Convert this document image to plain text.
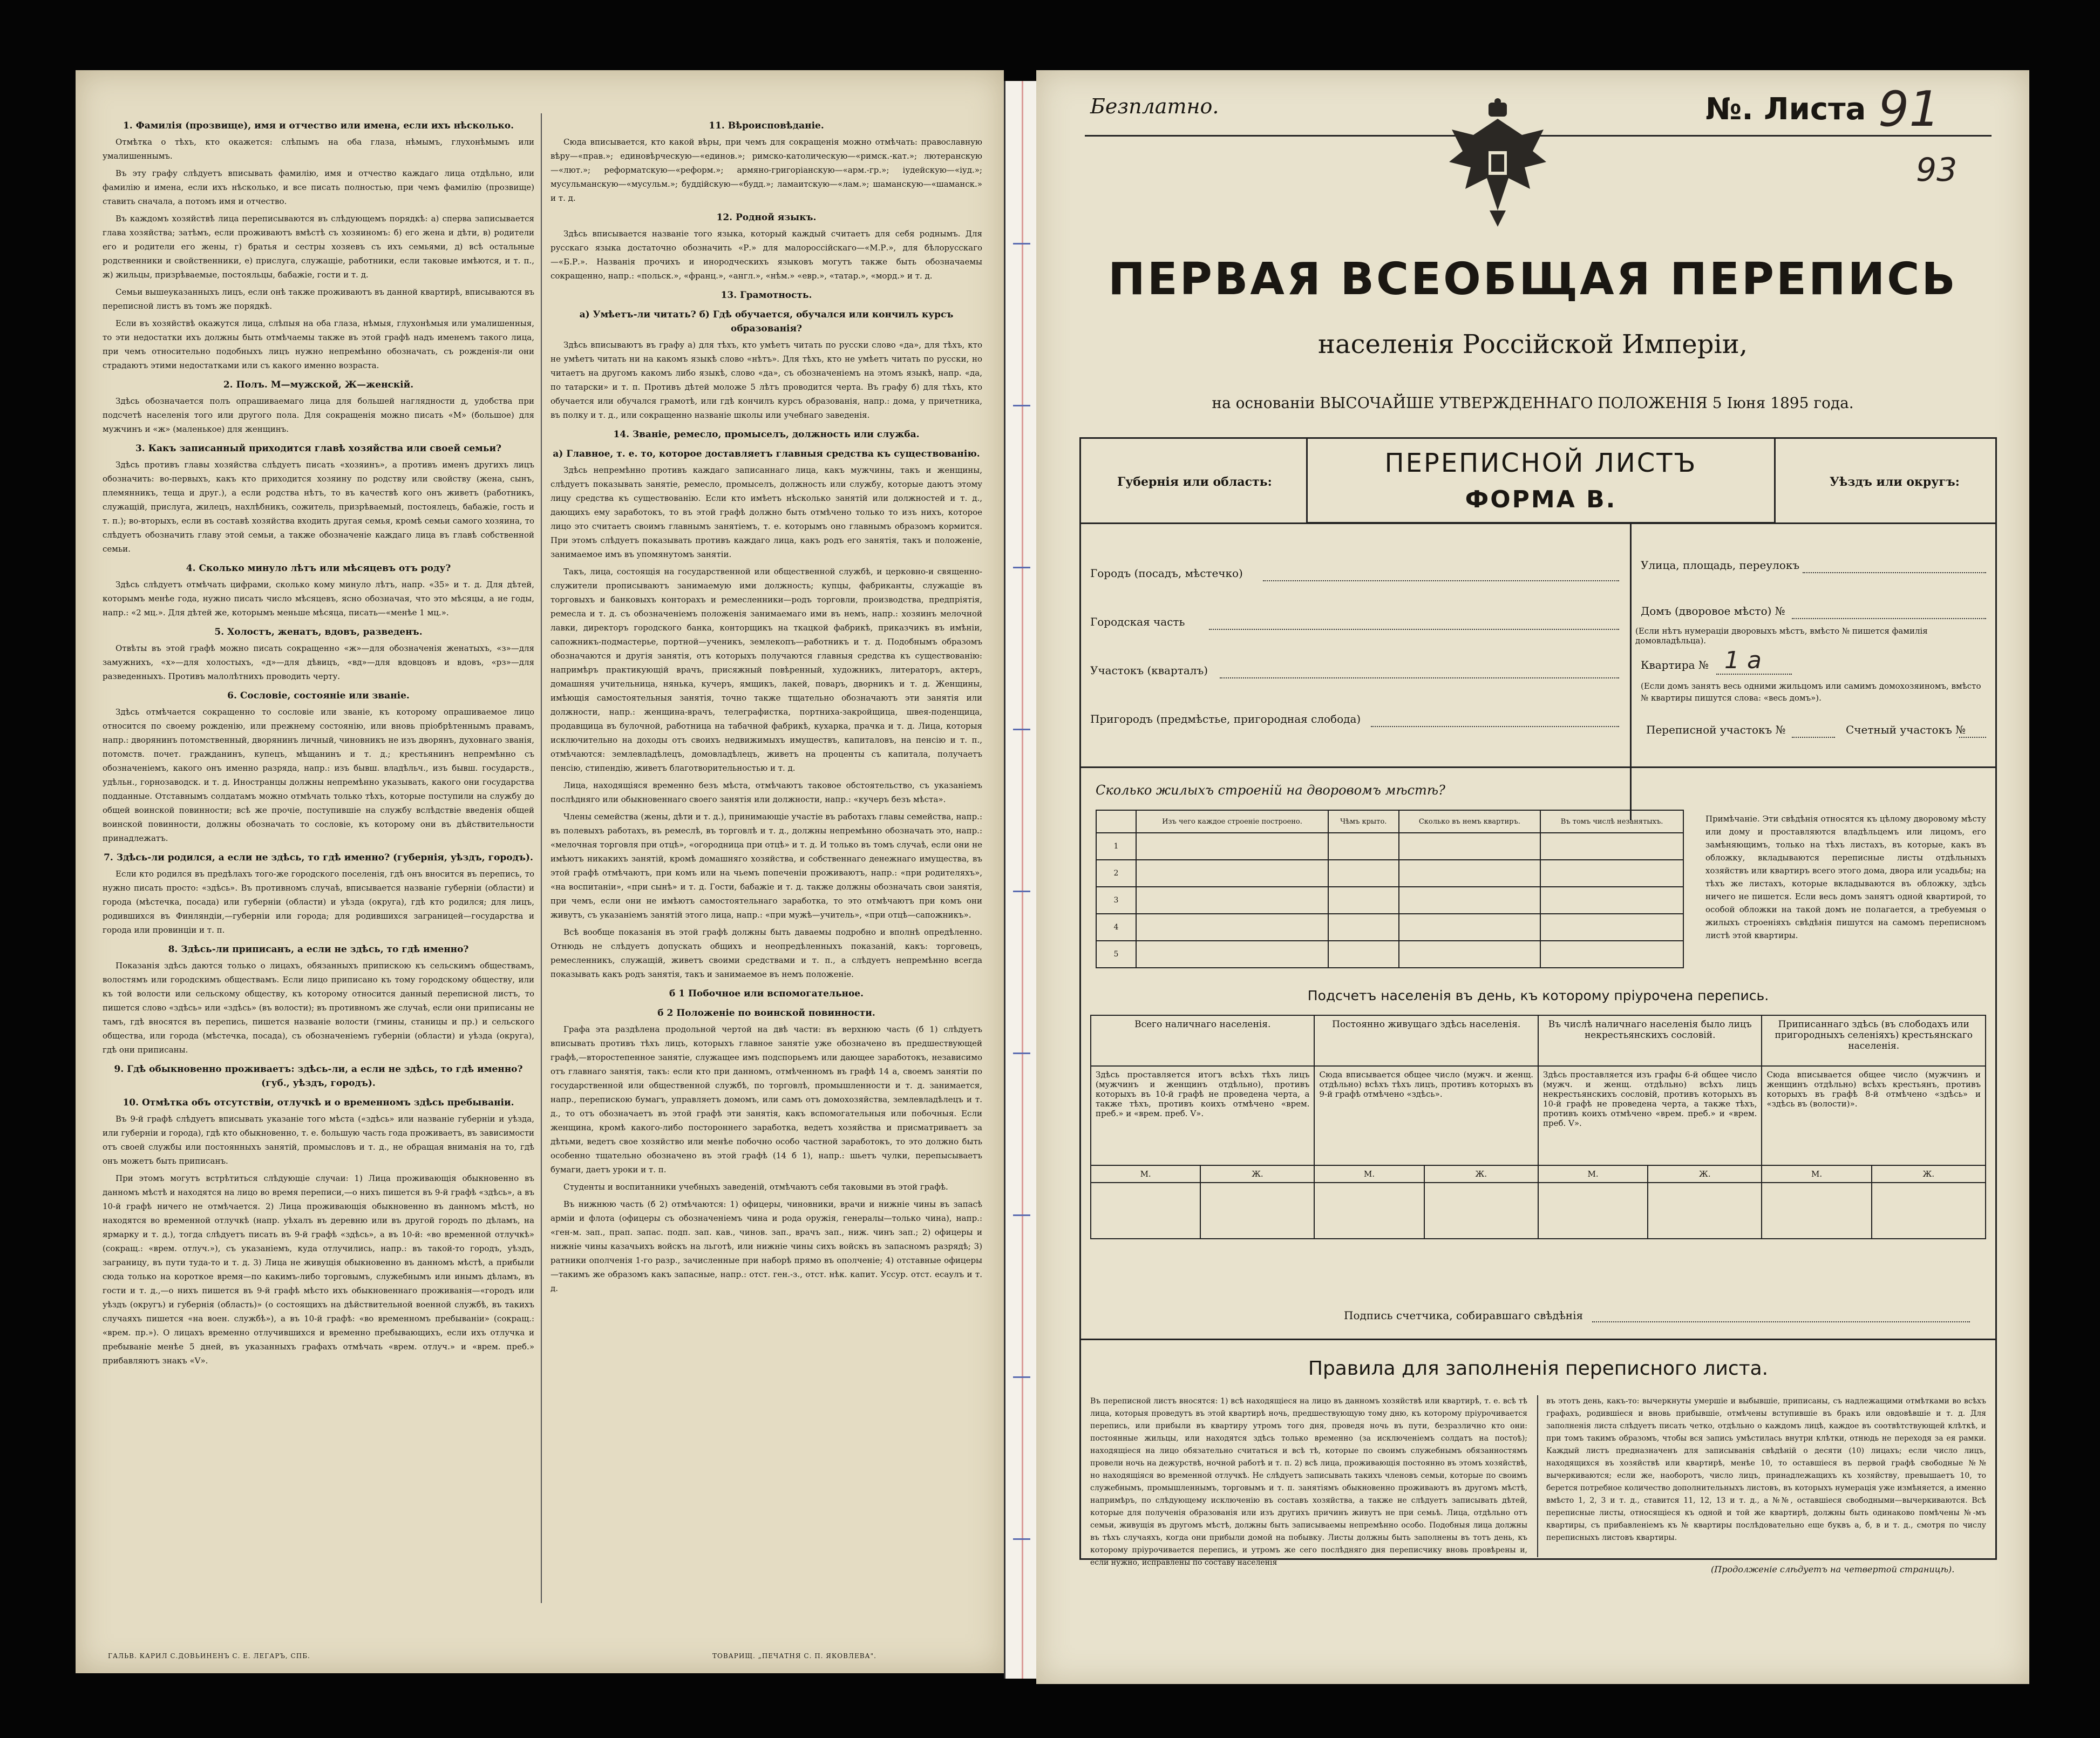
1. Фамилія (прозвище), имя и отчество или имена, если ихъ нѣсколько.

Отмѣтка о тѣхъ, кто окажется: слѣпымъ на оба глаза, нѣмымъ, глухонѣмымъ или умалишеннымъ.

Въ эту графу слѣдуетъ вписывать фамилію, имя и отчество каждаго лица отдѣльно, или фамилію и имена, если ихъ нѣсколько, и все писать полностью, при чемъ фамилію (прозвище) ставить сначала, а потомъ имя и отчество.

Въ каждомъ хозяйствѣ лица переписываются въ слѣдующемъ порядкѣ: а) сперва записывается глава хозяйства; затѣмъ, если проживаютъ вмѣстѣ съ хозяиномъ: б) его жена и дѣти, в) родители его и родители его жены, г) братья и сестры хозяевъ съ ихъ семьями, д) всѣ остальные родственники и свойственники, е) прислуга, служащіе, работники, если таковые имѣются, и т. п., ж) жильцы, призрѣваемые, постояльцы, бабажіе, гости и т. д.

Семьи вышеуказанныхъ лицъ, если онѣ также проживаютъ въ данной квартирѣ, вписываются въ переписной листъ въ томъ же порядкѣ.

Если въ хозяйствѣ окажутся лица, слѣпыя на оба глаза, нѣмыя, глухонѣмыя или умалишенныя, то эти недостатки ихъ должны быть отмѣчаемы также въ этой графѣ надъ именемъ такого лица, при чемъ относительно подобныхъ лицъ нужно непремѣнно обозначать, съ рожденія-ли они страдаютъ этими недостатками или съ какого именно возраста.

2. Полъ. М—мужской, Ж—женскій.

Здѣсь обозначается полъ опрашиваемаго лица для большей наглядности д, удобства при подсчетѣ населенія того или другого пола. Для сокращенія можно писать «М» (большое) для мужчинъ и «ж» (маленькое) для женщинъ.

3. Какъ записанный приходится главѣ хозяйства или своей семьи?

Здѣсь противъ главы хозяйства слѣдуетъ писать «хозяинъ», а противъ именъ другихъ лицъ обозначить: во-первыхъ, какъ кто приходится хозяину по родству или свойству (жена, сынъ, племянникъ, теща и друг.), а если родства нѣтъ, то въ качествѣ кого онъ живетъ (работникъ, служащій, прислуга, жилецъ, нахлѣбникъ, сожитель, призрѣваемый, постоялецъ, бабажіе, гость и т. п.); во-вторыхъ, если въ составѣ хозяйства входить другая семья, кромѣ семьи самого хозяина, то слѣдуетъ обозначить главу этой семьи, а также обозначеніе каждаго лица въ главѣ собственной семьи.

4. Сколько минуло лѣтъ или мѣсяцевъ отъ роду?

Здѣсь слѣдуетъ отмѣчать цифрами, сколько кому минуло лѣтъ, напр. «35» и т. д. Для дѣтей, которымъ менѣе года, нужно писать число мѣсяцевъ, ясно обозначая, что это мѣсяцы, а не годы, напр.: «2 мц.». Для дѣтей же, которымъ меньше мѣсяца, писать—«менѣе 1 мц.».

5. Холостъ, женатъ, вдовъ, разведенъ.

Отвѣты въ этой графѣ можно писать сокращенно «ж»—для обозначенія женатыхъ, «з»—для замужнихъ, «х»—для холостыхъ, «д»—для дѣвицъ, «вд»—для вдовцовъ и вдовъ, «рз»—для разведенныхъ. Противъ малолѣтнихъ проводить черту.

6. Сословіе, состояніе или званіе.

Здѣсь отмѣчается сокращенно то сословіе или званіе, къ которому опрашиваемое лицо относится по своему рожденію, или прежнему состоянію, или вновь пріобрѣтеннымъ правамъ, напр.: дворянинъ потомственный, дворянинъ личный, чиновникъ не изъ дворянъ, духовнаго званія, потомств. почет. гражданинъ, купецъ, мѣщанинъ и т. д.; крестьянинъ непремѣнно съ обозначеніемъ, какого онъ именно разряда, напр.: изъ бывш. владѣльч., изъ бывш. государств., удѣльн., горнозаводск. и т. д. Иностранцы должны непремѣнно указывать, какого они государства подданные. Отставнымъ солдатамъ можно отмѣчать только тѣхъ, которые поступили на службу до общей воинской повинности; всѣ же прочіе, поступившіе на службу вслѣдствіе введенія общей воинской повинности, должны обозначать то сословіе, къ которому они въ дѣйствительности принадлежатъ.

7. Здѣсь-ли родился, а если не здѣсь, то гдѣ именно? (губернія, уѣздъ, городъ).

Если кто родился въ предѣлахъ того-же городского поселенія, гдѣ онъ вносится въ перепись, то нужно писать просто: «здѣсь». Въ противномъ случаѣ, вписывается названіе губерніи (области) и города (мѣстечка, посада) или губерніи (области) и уѣзда (округа), гдѣ кто родился; для лицъ, родившихся въ Финляндіи,—губерніи или города; для родившихся заграницей—государства и города или провинціи и т. п.

8. Здѣсь-ли приписанъ, а если не здѣсь, то гдѣ именно?

Показанія здѣсь даются только о лицахъ, обязанныхъ припискою къ сельскимъ обществамъ, волостямъ или городскимъ обществамъ. Если лицо приписано къ тому городскому обществу, или къ той волости или сельскому обществу, къ которому относится данный переписной листъ, то пишется слово «здѣсь» или «здѣсь» (въ волости); въ противномъ же случаѣ, если они приписаны не тамъ, гдѣ вносятся въ перепись, пишется названіе волости (гмины, станицы и пр.) и сельского общества, или города (мѣстечка, посада), съ обозначеніемъ губерніи (области) и уѣзда (округа), гдѣ они приписаны.

9. Гдѣ обыкновенно проживаетъ: здѣсь-ли, а если не здѣсь, то гдѣ именно? (губ., уѣздъ, городъ).
10. Отмѣтка объ отсутствіи, отлучкѣ и о временномъ здѣсь пребываніи.

Въ 9-й графѣ слѣдуетъ вписывать указаніе того мѣста («здѣсь» или названіе губерніи и уѣзда, или губерніи и города), гдѣ кто обыкновенно, т. е. большую часть года проживаетъ, въ зависимости отъ своей службы или постоянныхъ занятій, промысловъ и т. д., не обращая вниманія на то, гдѣ онъ можетъ быть приписанъ.

При этомъ могутъ встрѣтиться слѣдующіе случаи: 1) Лица проживающія обыкновенно въ данномъ мѣстѣ и находятся на лицо во время переписи,—о нихъ пишется въ 9-й графѣ «здѣсь», а въ 10-й графѣ ничего не отмѣчается. 2) Лица проживающія обыкновенно въ данномъ мѣстѣ, но находятся во временной отлучкѣ (напр. уѣхалъ въ деревню или въ другой городъ по дѣламъ, на ярмарку и т. д.), тогда слѣдуетъ писать въ 9-й графѣ «здѣсь», а въ 10-й: «во временной отлучкѣ» (сокращ.: «врем. отлуч.»), съ указаніемъ, куда отлучились, напр.: въ такой-то городъ, уѣздъ, заграницу, въ пути туда-то и т. д. 3) Лица не живущія обыкновенно въ данномъ мѣстѣ, а прибыли сюда только на короткое время—по какимъ-либо торговымъ, служебнымъ или инымъ дѣламъ, въ гости и т. д.,—о нихъ пишется въ 9-й графѣ мѣсто ихъ обыкновеннаго проживанія—«городъ или уѣздъ (округъ) и губернія (область)» (о состоящихъ на дѣйствительной военной службѣ, въ такихъ случаяхъ пишется «на воен. службѣ»), а въ 10-й графѣ: «во временномъ пребываніи» (сокращ.: «врем. пр.»). О лицахъ временно отлучившихся и временно пребывающихъ, если ихъ отлучка и пребываніе менѣе 5 дней, въ указанныхъ графахъ отмѣчать «врем. отлуч.» и «врем. преб.» прибавляютъ знакъ «V».

11. Вѣроисповѣданіе.

Сюда вписывается, кто какой вѣры, при чемъ для сокращенія можно отмѣчать: православную вѣру—«прав.»; единовѣрческую—«единов.»; римско-католическую—«римск.-кат.»; лютеранскую—«лют.»; реформатскую—«реформ.»; армяно-григоріанскую—«арм.-гр.»; іудейскую—«іуд.»; мусульманскую—«мусульм.»; буддійскую—«будд.»; ламаитскую—«лам.»; шаманскую—«шаманск.» и т. д.

12. Родной языкъ.

Здѣсь вписывается названіе того языка, который каждый считаетъ для себя роднымъ. Для русскаго языка достаточно обозначить «Р.» для малороссійскаго—«М.Р.», для бѣлорусскаго—«Б.Р.». Названія прочихъ и инородческихъ языковъ могутъ также быть обозначаемы сокращенно, напр.: «польск.», «франц.», «англ.», «нѣм.» «евр.», «татар.», «морд.» и т. д.

13. Грамотность.
а) Умѣетъ-ли читать? б) Гдѣ обучается, обучался или кончилъ курсъ образованія?

Здѣсь вписываютъ въ графу а) для тѣхъ, кто умѣетъ читать по русски слово «да», для тѣхъ, кто не умѣетъ читать ни на какомъ языкѣ слово «нѣтъ». Для тѣхъ, кто не умѣетъ читать по русски, но читаетъ на другомъ какомъ либо языкѣ, слово «да», съ обозначеніемъ на этомъ языкѣ, напр. «да, по татарски» и т. п. Противъ дѣтей моложе 5 лѣтъ проводится черта. Въ графу б) для тѣхъ, кто обучается или обучался грамотѣ, или гдѣ кончилъ курсъ образованія, напр.: дома, у причетника, въ полку и т. д., или сокращенно названіе школы или учебнаго заведенія.

14. Званіе, ремесло, промыселъ, должность или служба.
а) Главное, т. е. то, которое доставляетъ главныя средства къ существованію.

Здѣсь непремѣнно противъ каждаго записаннаго лица, какъ мужчины, такъ и женщины, слѣдуетъ показывать занятіе, ремесло, промыселъ, должность или службу, которые даютъ этому лицу средства къ существованію. Если кто имѣетъ нѣсколько занятій или должностей и т. д., дающихъ ему заработокъ, то въ этой графѣ должно быть отмѣчено только то изъ нихъ, которое лицо это считаетъ своимъ главнымъ занятіемъ, т. е. которымъ оно главнымъ образомъ кормится. При этомъ слѣдуетъ показывать противъ каждаго лица, какъ родъ его занятія, такъ и положеніе, занимаемое имъ въ упомянутомъ занятіи.

Такъ, лица, состоящія на государственной или общественной службѣ, и церковно-и священно-служители прописываютъ занимаемую ими должность; купцы, фабриканты, служащіе въ торговыхъ и банковыхъ конторахъ и ремесленники—родъ торговли, производства, предпріятія, ремесла и т. д. съ обозначеніемъ положенія занимаемаго ими въ немъ, напр.: хозяинъ мелочной лавки, директоръ городского банка, конторщикъ на ткацкой фабрикѣ, приказчикъ въ имѣніи, сапожникъ-подмастерье, портной—ученикъ, землекопъ—работникъ и т. д. Подобнымъ образомъ обозначаются и другія занятія, отъ которыхъ получаются главныя средства къ существованію: напримѣръ практикующій врачъ, присяжный повѣренный, художникъ, литераторъ, актеръ, домашняя учительница, нянька, кучеръ, ямщикъ, лакей, поваръ, дворникъ и т. д. Женщины, имѣющія самостоятельныя занятія, точно также тщательно обозначаютъ эти занятія или должности, напр.: женщина-врачъ, телеграфистка, портниха-закройщица, швея-поденщица, продавщица въ булочной, работница на табачной фабрикѣ, кухарка, прачка и т. д. Лица, которыя исключительно на доходы отъ своихъ недвижимыхъ имуществъ, капиталовъ, на пенсію и т. п., отмѣчаются: землевладѣлецъ, домовладѣлецъ, живетъ на проценты съ капитала, получаетъ пенсію, стипендію, живетъ благотворительностью и т. д.

Лица, находящіяся временно безъ мѣста, отмѣчаютъ таковое обстоятельство, съ указаніемъ послѣдняго или обыкновеннаго своего занятія или должности, напр.: «кучеръ безъ мѣста».

Члены семейства (жены, дѣти и т. д.), принимающіе участіе въ работахъ главы семейства, напр.: въ полевыхъ работахъ, въ ремеслѣ, въ торговлѣ и т. д., должны непремѣнно обозначать это, напр.: «мелочная торговля при отцѣ», «огородница при отцѣ» и т. д. И только въ томъ случаѣ, если они не имѣютъ никакихъ занятій, кромѣ домашняго хозяйства, и собственнаго денежнаго имущества, въ этой графѣ отмѣчаютъ, при комъ или на чьемъ попеченіи проживаютъ, напр.: «при родителяхъ», «на воспитаніи», «при сынѣ» и т. д. Гости, бабажіе и т. д. также должны обозначать свои занятія, при чемъ, если они не имѣютъ самостоятельнаго заработка, то это отмѣчаютъ при комъ они живутъ, съ указаніемъ занятій этого лица, напр.: «при мужѣ—учитель», «при отцѣ—сапожникъ».

Всѣ вообще показанія въ этой графѣ должны быть даваемы подробно и вполнѣ опредѣленно. Отнюдь не слѣдуетъ допускать общихъ и неопредѣленныхъ показаній, какъ: торговецъ, ремесленникъ, служащій, живетъ своими средствами и т. п., а слѣдуетъ непремѣнно всегда показывать какъ родъ занятія, такъ и занимаемое въ немъ положеніе.

б 1 Побочное или вспомогательное.
б 2 Положеніе по воинской повинности.

Графа эта раздѣлена продольной чертой на двѣ части: въ верхнюю часть (б 1) слѣдуетъ вписывать противъ тѣхъ лицъ, которыхъ главное занятіе уже обозначено въ предшествующей графѣ,—второстепенное занятіе, служащее имъ подспорьемъ или дающее заработокъ, независимо отъ главнаго занятія, такъ: если кто при данномъ, отмѣченномъ въ графѣ 14 а, своемъ занятіи по государственной или общественной службѣ, по торговлѣ, промышленности и т. д. занимается, напр., перепискою бумагъ, управляетъ домомъ, или самъ отъ домохозяйства, землевладѣлецъ и т. д., то отъ обозначаетъ въ этой графѣ эти занятія, какъ вспомогательныя или побочныя. Если женщина, кромѣ какого-либо постороннего заработка, ведетъ хозяйства и присматриваетъ за дѣтьми, ведетъ свое хозяйство или менѣе побочно особо частной заработокъ, то это должно быть особенно тщательно обозначено въ этой графѣ (14 б 1), напр.: шьетъ чулки, перепысываетъ бумаги, даетъ уроки и т. п.

Студенты и воспитанники учебныхъ заведеній, отмѣчаютъ себя таковыми въ этой графѣ.

Въ нижнюю часть (б 2) отмѣчаются: 1) офицеры, чиновники, врачи и нижніе чины въ запасѣ арміи и флота (офицеры съ обозначеніемъ чина и рода оружія, генералы—только чина), напр.: «ген-м. зап., прап. запас. подп. зап. кав., чинов. зап., врачъ зап., ниж. чинъ зап.; 2) офицеры и нижніе чины казачьихъ войскъ на льготѣ, или нижніе чины сихъ войскъ въ запасномъ разрядѣ; 3) ратники ополченія 1-го разр., зачисленные при наборѣ прямо въ ополченіе; 4) отставные офицеры—такимъ же образомъ какъ запасные, напр.: отст. ген.-з., отст. нѣк. капит. Уссур. отст. есаулъ и т. д.

ГАЛЬВ. КАРИЛ С.ДОВЬИНЕНЪ С. Е. ЛЕГАРЪ, СПБ.	ТОВАРИЩ. „ПЕЧАТНЯ С. П. ЯКОВЛЕВА".
Безплатно.	№. Листа 91
93
ПЕРВАЯ ВСЕОБЩАЯ ПЕРЕПИСЬ
населенія Россійской Имперіи,
на основаніи ВЫСОЧАЙШЕ УТВЕРЖДЕННАГО ПОЛОЖЕНІЯ 5 Іюня 1895 года.
Губернія или область:
ПЕРЕПИСНОЙ ЛИСТЪ
ФОРМА В.
Уѣздъ или округъ:
Городъ (посадъ, мѣстечко)
Городская часть
Участокъ (кварталъ)
Пригородъ (предмѣстье, пригородная слобода)
Улица, площадь, переулокъ
Домъ (дворовое мѣсто) №
(Если нѣтъ нумераціи дворовыхъ мѣстъ, вмѣсто № пишется фамилія домовладѣльца).
Квартира № 1 a
(Если домъ занятъ весь одними жильцомъ или самимъ домохозяиномъ, вмѣсто № квартиры пишутся слова: «весь домъ»).
Переписной участокъ №	Счетный участокъ №
Сколько жилыхъ строеній на дворовомъ мѣстѣ?
	Изъ чего каждое строеніе построено.	Чѣмъ крыто.	Сколько въ немъ квартиръ.	Въ томъ числѣ незанятыхъ.
1				
2				
3				
4				
5				
Примѣчаніе. Эти свѣдѣнія относятся къ цѣлому дворовому мѣсту или дому и проставляются владѣльцемъ или лицомъ, его замѣняющимъ, только на тѣхъ листахъ, въ которые, какъ въ обложку, вкладываются переписные листы отдѣльныхъ хозяйствъ или квартиръ всего этого дома, двора или усадьбы; на тѣхъ же листахъ, которые вкладываются въ обложку, здѣсь ничего не пишется. Если весь домъ занятъ одной квартирой, то особой обложки на такой домъ не полагается, а требуемыя о жилыхъ строеніяхъ свѣдѣнія пишутся на самомъ переписномъ листѣ этой квартиры.
Подсчетъ населенія въ день, къ которому пріурочена перепись.
Всего наличнаго населенія.		Постоянно живущаго здѣсь населенія.		Въ числѣ наличнаго населенія было лицъ некрестьянскихъ сословій.		Приписаннаго здѣсь (въ слободахъ или пригородныхъ селеніяхъ) крестьянскаго населенія.	
Здѣсь проставляется итогъ всѣхъ тѣхъ лицъ (мужчинъ и женщинъ отдѣльно), противъ которыхъ въ 10-й графѣ не проведена черта, а также тѣхъ, противъ коихъ отмѣчено «врем. преб.» и «врем. преб. V».		Сюда вписывается общее число (мужч. и женщ. отдѣльно) всѣхъ тѣхъ лицъ, противъ которыхъ въ 9-й графѣ отмѣчено «здѣсь».		Здѣсь проставляется изъ графы 6-й общее число (мужч. и женщ. отдѣльно) всѣхъ лицъ некрестьянскихъ сословій, противъ которыхъ въ 10-й графѣ не проведена черта, а также тѣхъ, противъ коихъ отмѣчено «врем. преб.» и «врем. преб. V».		Сюда вписывается общее число (мужчинъ и женщинъ отдѣльно) всѣхъ крестьянъ, противъ которыхъ въ графѣ 8-й отмѣчено «здѣсь» и «здѣсь въ (волости)».	
М.	Ж.	М.	Ж.	М.	Ж.	М.	Ж.

Подпись счетчика, собиравшаго свѣдѣнія
Правила для заполненія переписного листа.
Въ переписной листъ вносятся: 1) всѣ находящіеся на лицо въ данномъ хозяйствѣ или квартирѣ, т. е. всѣ тѣ лица, которыя проведутъ въ этой квартирѣ ночь, предшествующую тому дню, къ которому пріурочивается перепись, или прибыли въ квартиру утромъ того дня, проведя ночь въ пути, безразлично кто они: постоянные жильцы, или находятся здѣсь только временно (за исключеніемъ солдатъ на постоѣ); находящіеся на лицо обязательно считаться и всѣ тѣ, которые по своимъ служебнымъ обязанностямъ провели ночь на дежурствѣ, ночной работѣ и т. п. 2) всѣ лица, проживающія постоянно въ этомъ хозяйствѣ, но находящіяся во временной отлучкѣ. Не слѣдуетъ записывать такихъ членовъ семьи, которые по своимъ служебнымъ, промышленнымъ, торговымъ и т. п. занятіямъ обыкновенно проживаютъ въ другомъ мѣстѣ, напримѣръ, по слѣдующему исключенію въ составъ хозяйства, а также не слѣдуетъ записывать дѣтей, которые для полученія образованія или изъ другихъ причинъ живутъ не при семьѣ. Лица, отдѣльно отъ семьи, живущія въ другомъ мѣстѣ, должны быть записываемы непремѣнно особо. Подобныя лица должны въ тѣхъ случаяхъ, когда они прибыли домой на побывку. Листы должны быть заполнены въ тотъ день, къ которому пріурочивается перепись, и утромъ же сего послѣдняго дня переписчику вновь провѣрены и, если нужно, исправлены по составу населенія
въ этотъ день, какъ-то: вычеркнуты умершіе и выбывшіе, приписаны, съ надлежащими отмѣтками во всѣхъ графахъ, родившіеся и вновь прибывшіе, отмѣчены вступившіе въ бракъ или овдовѣвшіе и т. д. Для заполненія листа слѣдуетъ писать четко, отдѣльно о каждомъ лицѣ, каждое въ соотвѣтствующей клѣткѣ, и при томъ такимъ образомъ, чтобы вся запись умѣстилась внутри клѣтки, отнюдь не переходя за ея рамки. Каждый листъ предназначенъ для записыванія свѣдѣній о десяти (10) лицахъ; если число лицъ, находящихся въ хозяйствѣ или квартирѣ, менѣе 10, то оставшіеся въ первой графѣ свободные №№ вычеркиваются; если же, наоборотъ, число лицъ, принадлежащихъ къ хозяйству, превышаетъ 10, то берется потребное количество дополнительныхъ листовъ, въ которыхъ нумерація уже измѣняется, а именно вмѣсто 1, 2, 3 и т. д., ставится 11, 12, 13 и т. д., а №№, оставшіеся свободными—вычеркиваются. Всѣ переписные листы, относящіеся къ одной и той же квартирѣ, должны быть одинаково помѣчены №-мъ квартиры, съ прибавленіемъ къ № квартиры послѣдовательно еще буквъ а, б, в и т. д., смотря по числу переписныхъ листовъ квартиры.
(Продолженіе слѣдуетъ на четвертой страницѣ).
